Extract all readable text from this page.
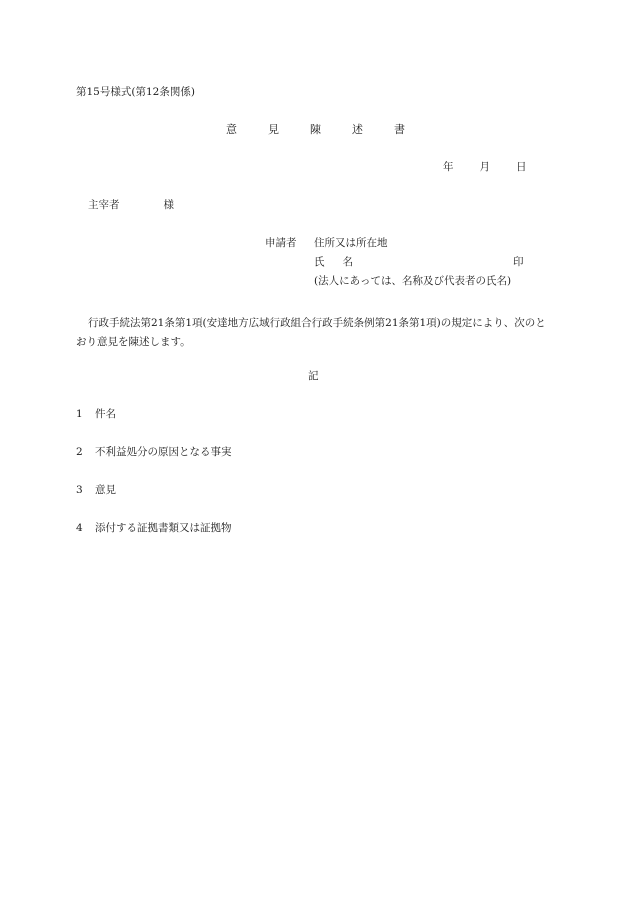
第15号様式(第12条関係)
意	見	陳	述	書
年 月 日
主宰者	様
申請者 住所又は所在地
氏 名	印
(法人にあっては、名称及び代表者の氏名)
行政手続法第21条第1項(安達地方広域行政組合行政手続条例第21条第1項)の規定により、次のとおり意見を陳述します。
記
1 件名
2 不利益処分の原因となる事実
3 意見
4 添付する証拠書類又は証拠物
